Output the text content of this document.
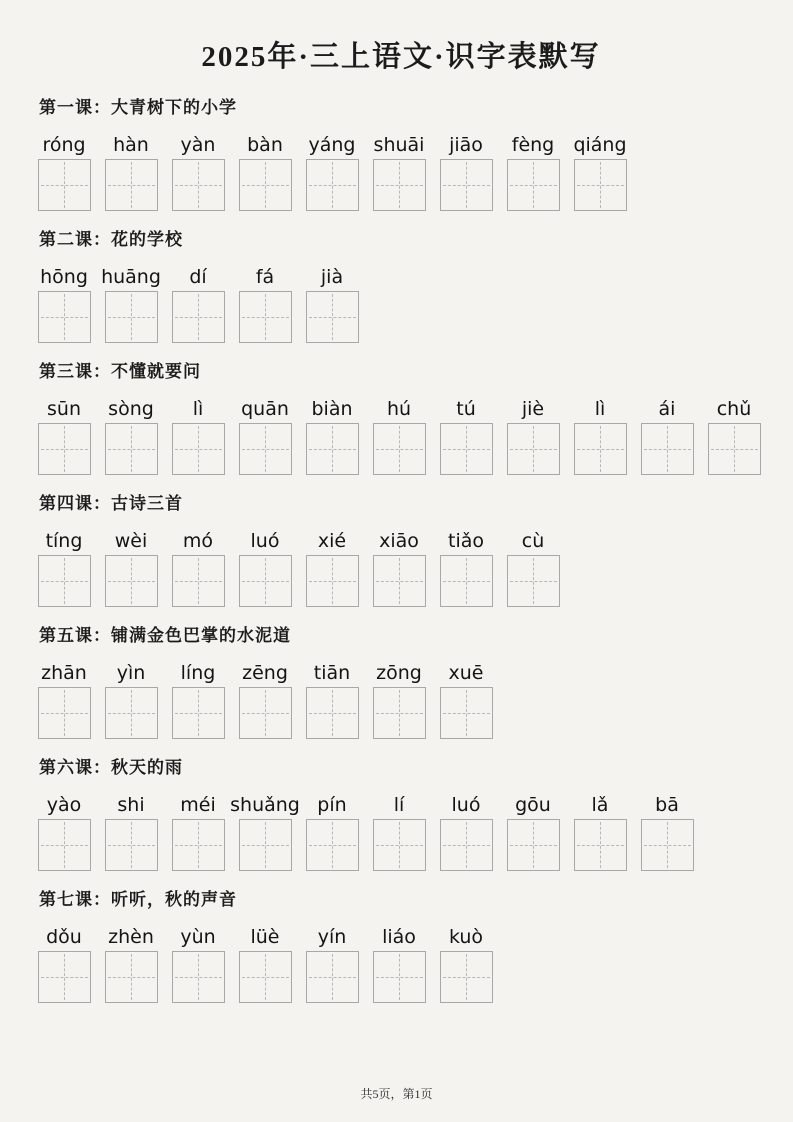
2025年·三上语文·识字表默写
第一课：大青树下的小学
róng hàn yàn bàn yáng shuāi jiāo fèng qiáng
第二课：花的学校
hōng huāng dí	fá jià
第三课：不懂就要问
sūn sòng lì quān biàn hú tú jiè	lì	ái chǔ
第四课：古诗三首
tíng wèi mó luó xié xiāo tiǎo cù
第五课：铺满金色巴掌的水泥道
zhān yìn líng zēng tiān zōng xuē
第六课：秋天的雨
yào shi méi shuǎng pín lí luó gōu lǎ bā
第七课：听听，秋的声音
dǒu zhèn yùn lüè yín liáo kuò
共5页，第1页
